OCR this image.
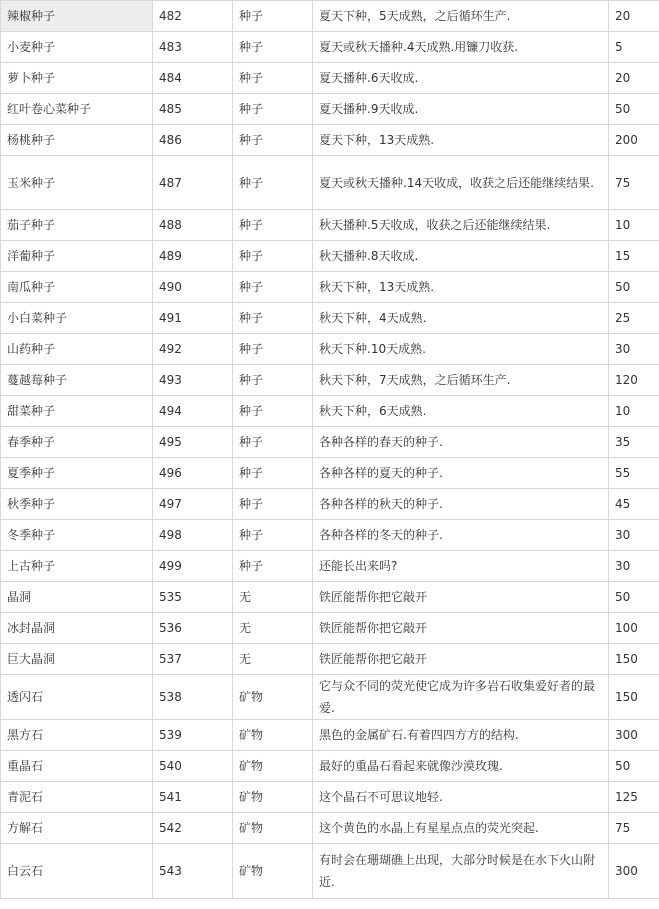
辣椒种子	482	种子	夏天下种，5天成熟，之后循环生产.	20
小麦种子	483	种子	夏天或秋天播种.4天成熟.用镰刀收获.	5
萝卜种子	484	种子	夏天播种.6天收成.	20
红叶卷心菜种子	485	种子	夏天播种.9天收成.	50
杨桃种子	486	种子	夏天下种，13天成熟.	200
玉米种子	487	种子	夏天或秋天播种.14天收成，收获之后还能继续结果.	75
茄子种子	488	种子	秋天播种.5天收成，收获之后还能继续结果.	10
洋葡种子	489	种子	秋天播种.8天收成.	15
南瓜种子	490	种子	秋天下种，13天成熟.	50
小白菜种子	491	种子	秋天下种，4天成熟.	25
山药种子	492	种子	秋天下种.10天成熟.	30
蔓越莓种子	493	种子	秋天下种，7天成熟，之后循环生产.	120
甜菜种子	494	种子	秋天下种，6天成熟.	10
春季种子	495	种子	各种各样的春天的种子.	35
夏季种子	496	种子	各种各样的夏天的种子.	55
秋季种子	497	种子	各种各样的秋天的种子.	45
冬季种子	498	种子	各种各样的冬天的种子.	30
上古种子	499	种子	还能长出来吗?	30
晶洞	535	无	铁匠能帮你把它敲开	50
冰封晶洞	536	无	铁匠能帮你把它敲开	100
巨大晶洞	537	无	铁匠能帮你把它敲开	150
透闪石	538	矿物	它与众不同的荧光使它成为许多岩石收集爱好者的最爱.	150
黑方石	539	矿物	黑色的金属矿石.有着四四方方的结构.	300
重晶石	540	矿物	最好的重晶石看起来就像沙漠玫瑰.	50
青泥石	541	矿物	这个晶石不可思议地轻.	125
方解石	542	矿物	这个黄色的水晶上有星星点点的荧光突起.	75
白云石	543	矿物	有时会在珊瑚礁上出现，大部分时候是在水下火山附近.	300
